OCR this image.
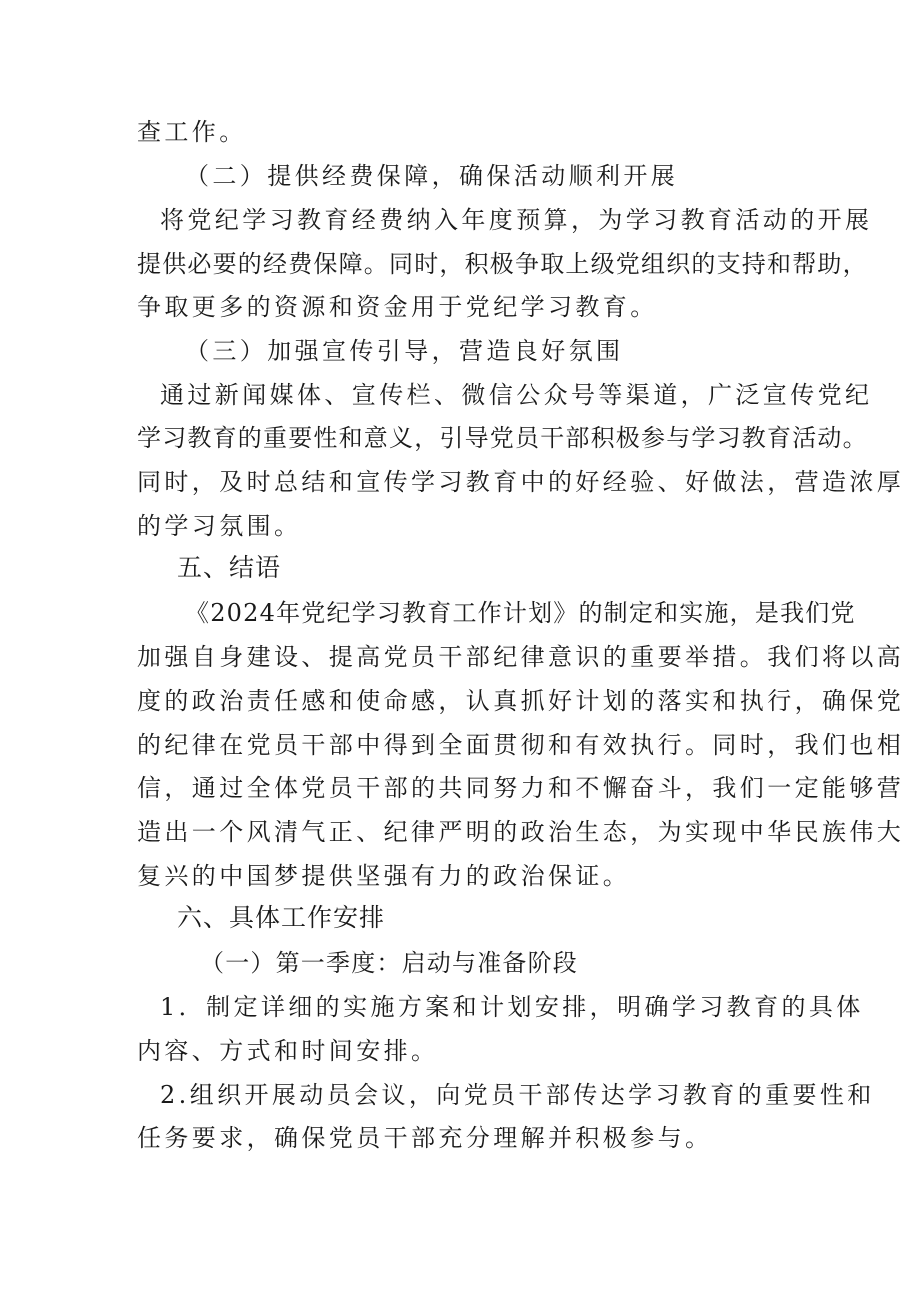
查工作。

（二）提供经费保障，确保活动顺利开展

将党纪学习教育经费纳入年度预算，为学习教育活动的开展

提供必要的经费保障。同时，积极争取上级党组织的支持和帮助，

争取更多的资源和资金用于党纪学习教育。

（三）加强宣传引导，营造良好氛围

通过新闻媒体、宣传栏、微信公众号等渠道，广泛宣传党纪

学习教育的重要性和意义，引导党员干部积极参与学习教育活动。

同时，及时总结和宣传学习教育中的好经验、好做法，营造浓厚

的学习氛围。

五、结语

《2024年党纪学习教育工作计划》的制定和实施，是我们党

加强自身建设、提高党员干部纪律意识的重要举措。我们将以高

度的政治责任感和使命感，认真抓好计划的落实和执行，确保党

的纪律在党员干部中得到全面贯彻和有效执行。同时，我们也相

信，通过全体党员干部的共同努力和不懈奋斗，我们一定能够营

造出一个风清气正、纪律严明的政治生态，为实现中华民族伟大

复兴的中国梦提供坚强有力的政治保证。

六、具体工作安排

（一）第一季度：启动与准备阶段

1．制定详细的实施方案和计划安排，明确学习教育的具体

内容、方式和时间安排。

2.组织开展动员会议，向党员干部传达学习教育的重要性和

任务要求，确保党员干部充分理解并积极参与。
